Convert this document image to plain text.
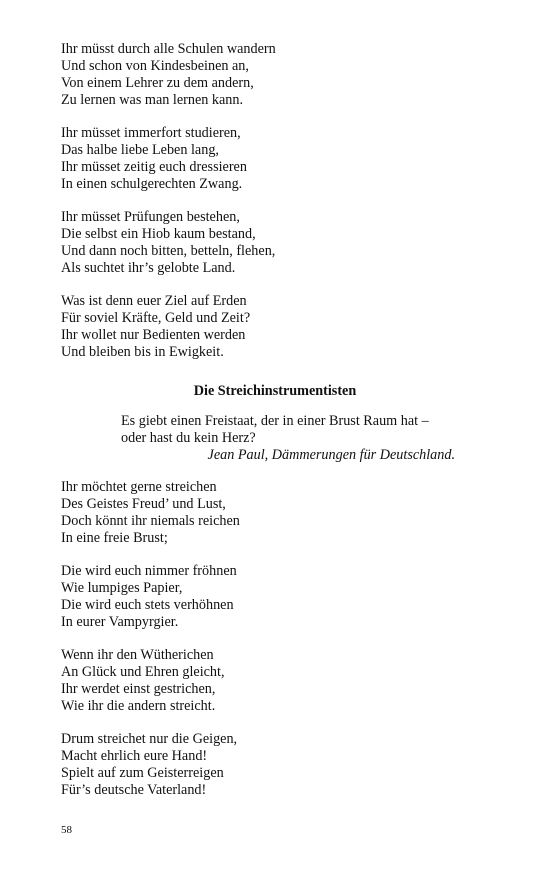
Ihr müsst durch alle Schulen wandern
Und schon von Kindesbeinen an,
Von einem Lehrer zu dem andern,
Zu lernen was man lernen kann.
Ihr müsset immerfort studieren,
Das halbe liebe Leben lang,
Ihr müsset zeitig euch dressieren
In einen schulgerechten Zwang.
Ihr müsset Prüfungen bestehen,
Die selbst ein Hiob kaum bestand,
Und dann noch bitten, betteln, flehen,
Als suchtet ihr’s gelobte Land.
Was ist denn euer Ziel auf Erden
Für soviel Kräfte, Geld und Zeit?
Ihr wollet nur Bedienten werden
Und bleiben bis in Ewigkeit.
Die Streichinstrumentisten
Es giebt einen Freistaat, der in einer Brust Raum hat –
oder hast du kein Herz?
Jean Paul, Dämmerungen für Deutschland.
Ihr möchtet gerne streichen
Des Geistes Freud’ und Lust,
Doch könnt ihr niemals reichen
In eine freie Brust;
Die wird euch nimmer fröhnen
Wie lumpiges Papier,
Die wird euch stets verhöhnen
In eurer Vampyrgier.
Wenn ihr den Wütherichen
An Glück und Ehren gleicht,
Ihr werdet einst gestrichen,
Wie ihr die andern streicht.
Drum streichet nur die Geigen,
Macht ehrlich eure Hand!
Spielt auf zum Geisterreigen
Für’s deutsche Vaterland!
58
